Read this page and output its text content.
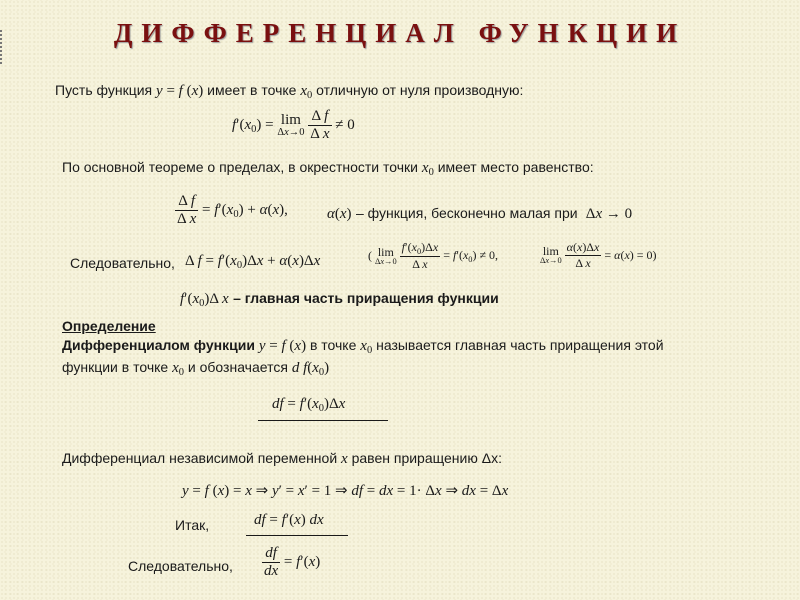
ДИФФЕРЕНЦИАЛ ФУНКЦИИ
Пусть функция y = f (x) имеет в точке $x_0$ отличную от нуля производную:
$f'(x_0) = \lim$
Δx→0
$\frac{\text{Δ f}}{\text{Δ x}} \ne 0$
По основной теореме о пределах, в окрестности точки $x_0$ имеет место равенство:
$\frac{\text{Δ f}}{\text{Δ x}} = f'(x_0) + \alpha(x)$,	α(x) – функция, бесконечно малая при  Δx → 0
Следовательно, Δ $f = f'(x_0)\Delta x + \alpha(x)\Delta x$	( lim
Δx→0
$\frac{f'(x_0)\Delta x}{\text{Δ x}} = f'(x_0) \ne 0$,	lim
Δx→0
$\frac{\alpha(x)\Delta x}{\text{Δ x}} = \alpha(x) = 0$)
$f'(x_0)\Delta$ x – главная часть приращения функции
Определение
Дифференциалом функции y = f (x) в точке $x_0$ называется главная часть приращения этой
функции в точке $x_0$ и обозначается d $f(x_0)$
df = $f'(x_0)\Delta x$
Дифференциал независимой переменной x равен приращению Δx:
y = f (x) = x ⇒ y′ = x′ = 1 ⇒ df = dx = 1· Δx ⇒ dx = Δx
Итак,	df = f′(x) dx
Следовательно, $\frac{df}{dx} = f'(x)$
